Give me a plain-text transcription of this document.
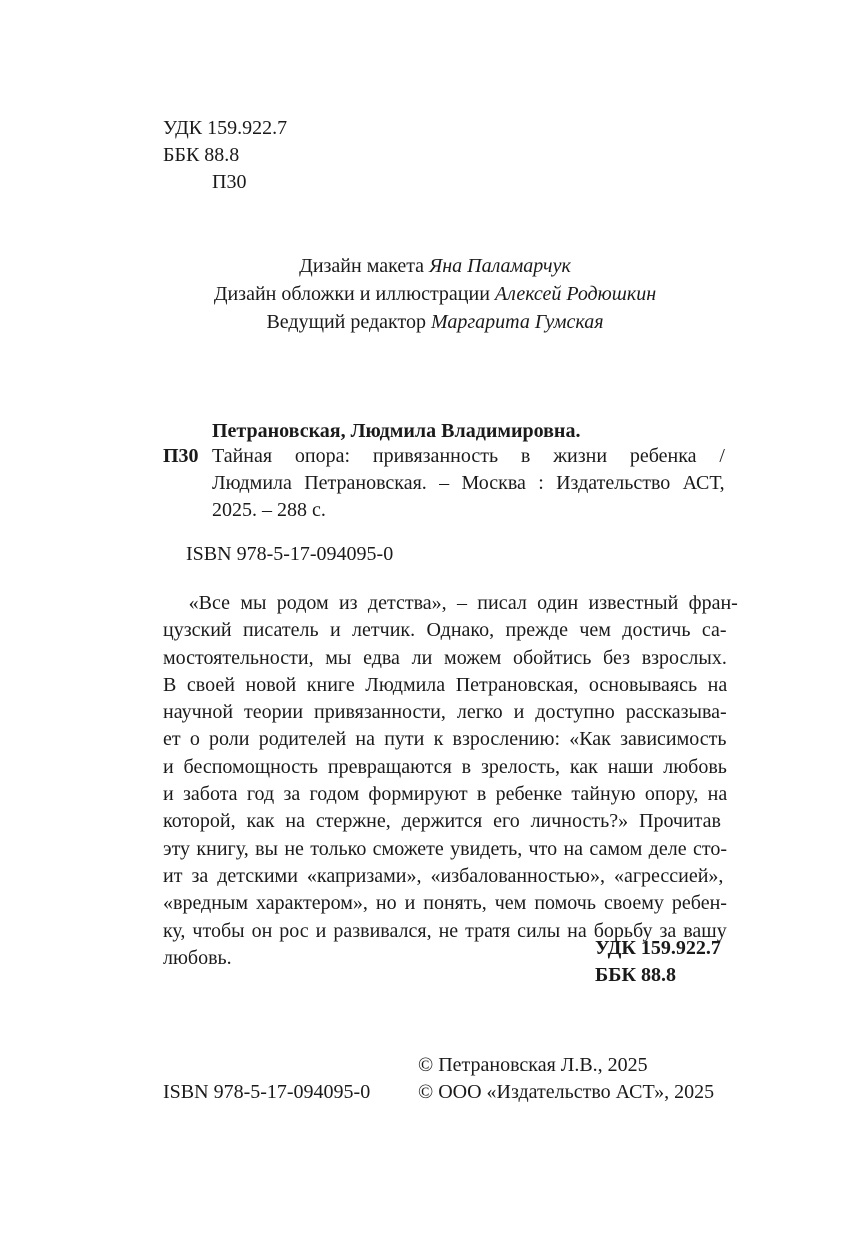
УДК 159.922.7
ББК 88.8
П30
Дизайн макета Яна Паламарчук
Дизайн обложки и иллюстрации Алексей Родюшкин
Ведущий редактор Маргарита Гумская
Петрановская, Людмила Владимировна.
П30 Тайная опора: привязанность в жизни ребенка /
Людмила Петрановская. – Москва : Издательство АСТ,
2025. – 288 с.
ISBN 978-5-17-094095-0
«Все мы родом из детства», – писал один известный фран-
цузский писатель и летчик. Однако, прежде чем достичь са-
мостоятельности, мы едва ли можем обойтись без взрослых.
В своей новой книге Людмила Петрановская, основываясь на
научной теории привязанности, легко и доступно рассказыва-
ет о роли родителей на пути к взрослению: «Как зависимость
и беспомощность превращаются в зрелость, как наши любовь
и забота год за годом формируют в ребенке тайную опору, на
которой, как на стержне, держится его личность?» Прочитав
эту книгу, вы не только сможете увидеть, что на самом деле сто-
ит за детскими «капризами», «избалованностью», «агрессией»,
«вредным характером», но и понять, чем помочь своему ребен-
ку, чтобы он рос и развивался, не тратя силы на борьбу за вашу
любовь.	УДК 159.922.7
ББК 88.8
© Петрановская Л.В., 2025
© ООО «Издательство АСТ», 2025
ISBN 978-5-17-094095-0
